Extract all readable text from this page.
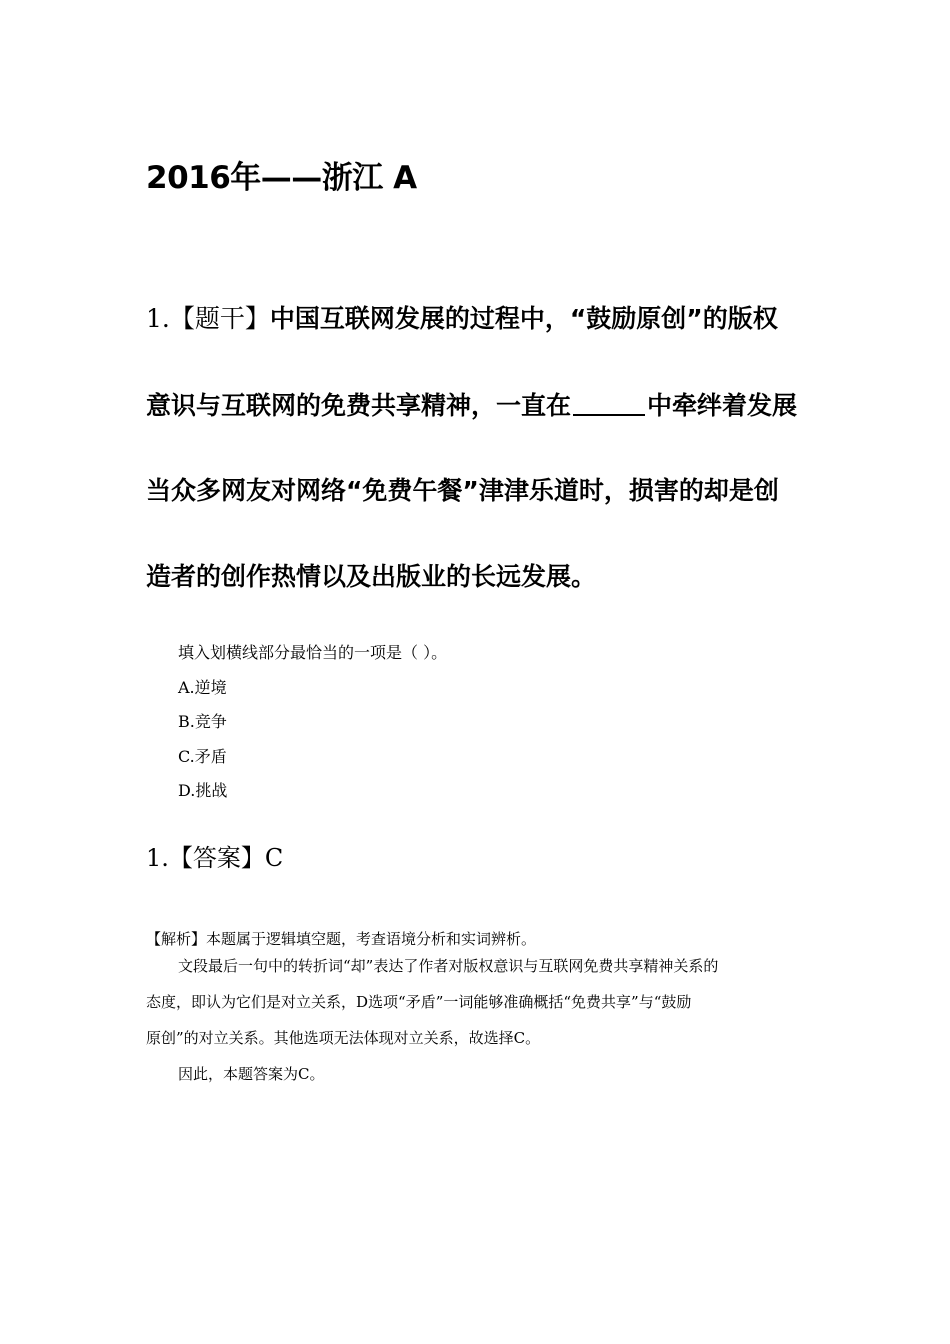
2016年——浙江 A

1.【题干】中国互联网发展的过程中，“鼓励原创”的版权

意识与互联网的免费共享精神，一直在	中牵绊着发展

当众多网友对网络“免费午餐”津津乐道时，损害的却是创

造者的创作热情以及出版业的长远发展。

填入划横线部分最恰当的一项是（ ）。

A.逆境

B.竞争

C.矛盾

D.挑战

1.【答案】C

【解析】本题属于逻辑填空题，考查语境分析和实词辨析。

文段最后一句中的转折词“却”表达了作者对版权意识与互联网免费共享精神关系的

态度，即认为它们是对立关系，D选项“矛盾”一词能够准确概括“免费共享”与“鼓励

原创”的对立关系。其他选项无法体现对立关系，故选择C。

因此，本题答案为C。
